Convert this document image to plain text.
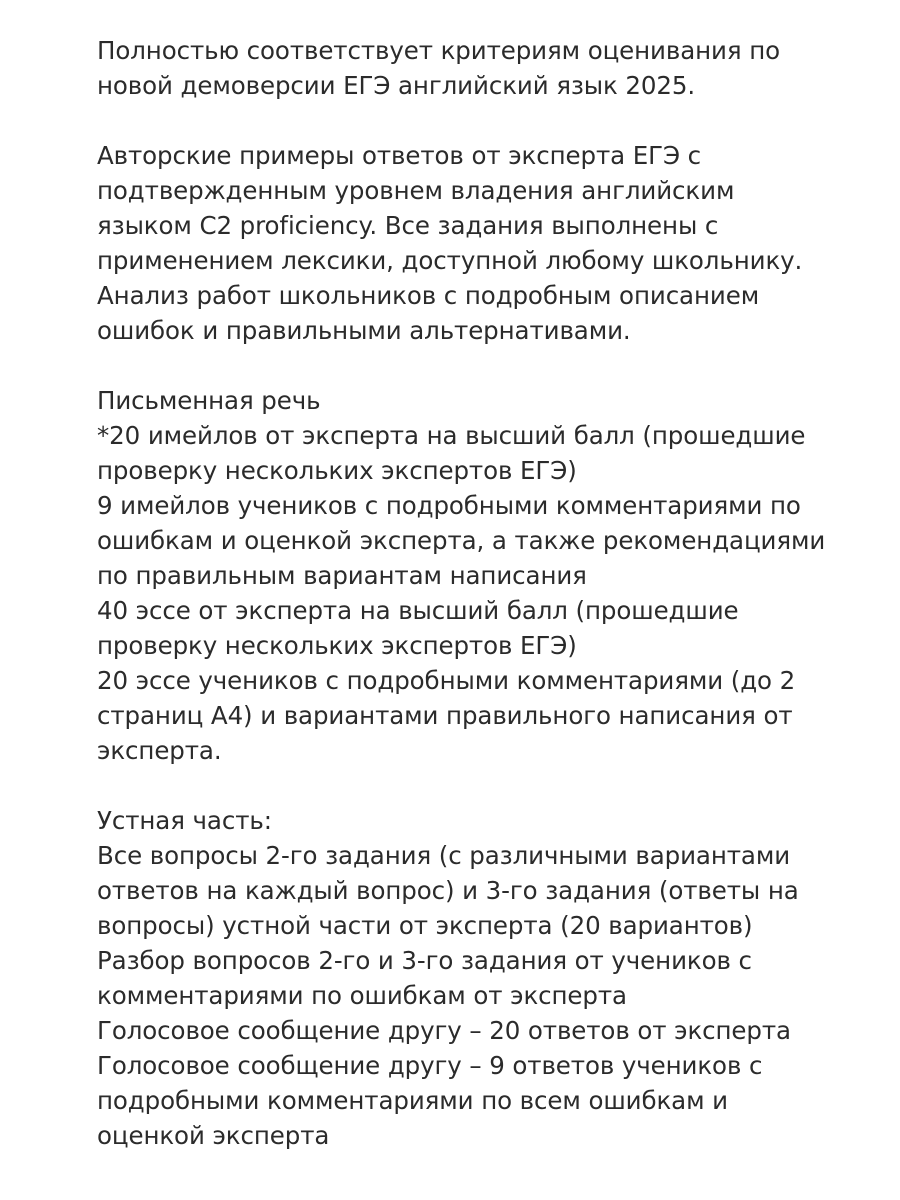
Полностью соответствует критериям оценивания по
новой демоверсии ЕГЭ английский язык 2025.
Авторские примеры ответов от эксперта ЕГЭ с
подтвержденным уровнем владения английским
языком С2 proficiency. Все задания выполнены с
применением лексики, доступной любому школьнику.
Анализ работ школьников с подробным описанием
ошибок и правильными альтернативами.
Письменная речь
*20 имейлов от эксперта на высший балл (прошедшие
проверку нескольких экспертов ЕГЭ)
9 имейлов учеников с подробными комментариями по
ошибкам и оценкой эксперта, а также рекомендациями
по правильным вариантам написания
40 эссе от эксперта на высший балл (прошедшие
проверку нескольких экспертов ЕГЭ)
20 эссе учеников с подробными комментариями (до 2
страниц А4) и вариантами правильного написания от
эксперта.
Устная часть:
Все вопросы 2-го задания (с различными вариантами
ответов на каждый вопрос) и 3-го задания (ответы на
вопросы) устной части от эксперта (20 вариантов)
Разбор вопросов 2-го и 3-го задания от учеников с
комментариями по ошибкам от эксперта
Голосовое сообщение другу – 20 ответов от эксперта
Голосовое сообщение другу – 9 ответов учеников с
подробными комментариями по всем ошибкам и
оценкой эксперта
